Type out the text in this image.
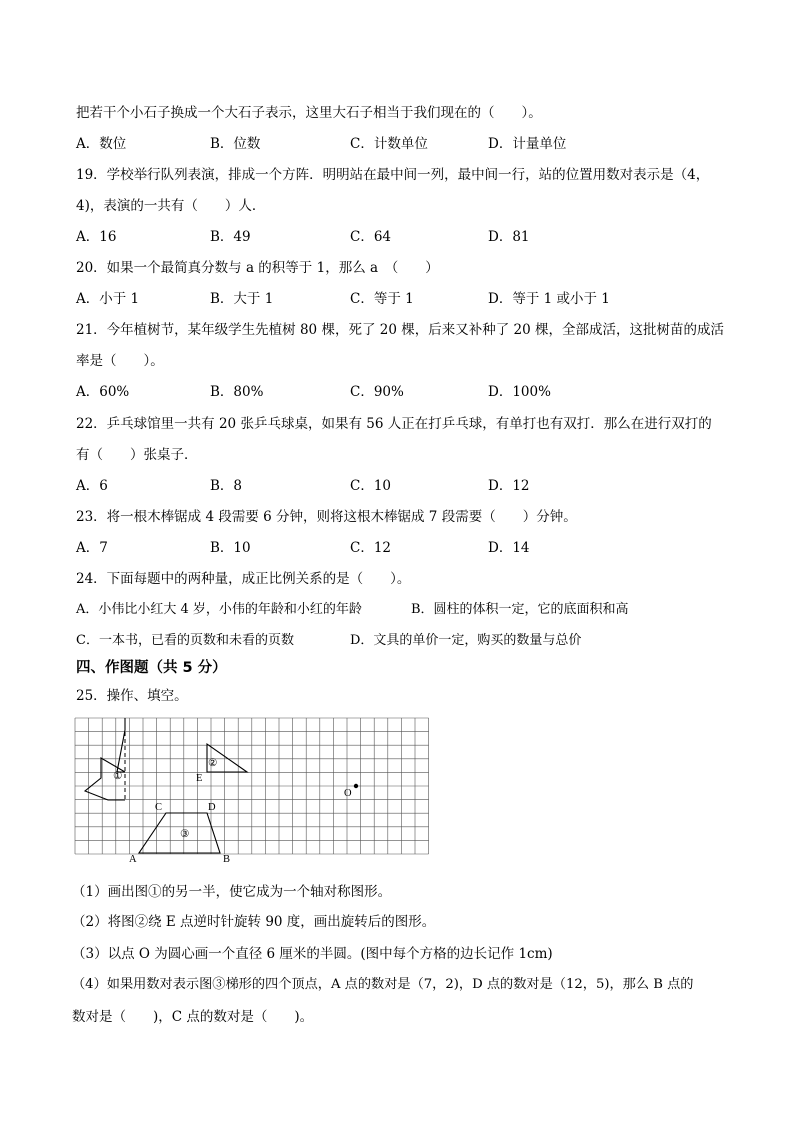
把若干个小石子换成一个大石子表示，这里大石子相当于我们现在的（　　）。
A．数位	B．位数	C．计数单位	D．计量单位
19．学校举行队列表演，排成一个方阵．明明站在最中间一列，最中间一行，站的位置用数对表示是（4，
4)，表演的一共有（　　）人．
A．16	B．49	C．64	D．81
20．如果一个最简真分数与 a 的积等于 1，那么 a　（　　）
A．小于 1	B．大于 1	C．等于 1	D．等于 1 或小于 1
21．今年植树节，某年级学生先植树 80 棵，死了 20 棵，后来又补种了 20 棵，全部成活，这批树苗的成活
率是（　　）。
A．60%	B．80%	C．90%	D．100%
22．乒乓球馆里一共有 20 张乒乓球桌，如果有 56 人正在打乒乓球，有单打也有双打．那么在进行双打的
有（　　）张桌子．
A．6	B．8	C．10	D．12
23．将一根木棒锯成 4 段需要 6 分钟，则将这根木棒锯成 7 段需要（　　）分钟。
A．7	B．10	C．12	D．14
24．下面每题中的两种量，成正比例关系的是（　　）。
A．小伟比小红大 4 岁，小伟的年龄和小红的年龄	B．圆柱的体积一定，它的底面积和高
C．一本书，已看的页数和未看的页数	D．文具的单价一定，购买的数量与总价
四、作图题（共 5 分）
25．操作、填空。
①
②
E
O
③
A	B
C	D
（1）画出图①的另一半，使它成为一个轴对称图形。
（2）将图②绕 E 点逆时针旋转 90 度，画出旋转后的图形。
（3）以点 O 为圆心画一个直径 6 厘米的半圆。(图中每个方格的边长记作 1cm)
（4）如果用数对表示图③梯形的四个顶点，A 点的数对是（7，2)，D 点的数对是（12，5)，那么 B 点的
数对是（　　)，C 点的数对是（　　)。
